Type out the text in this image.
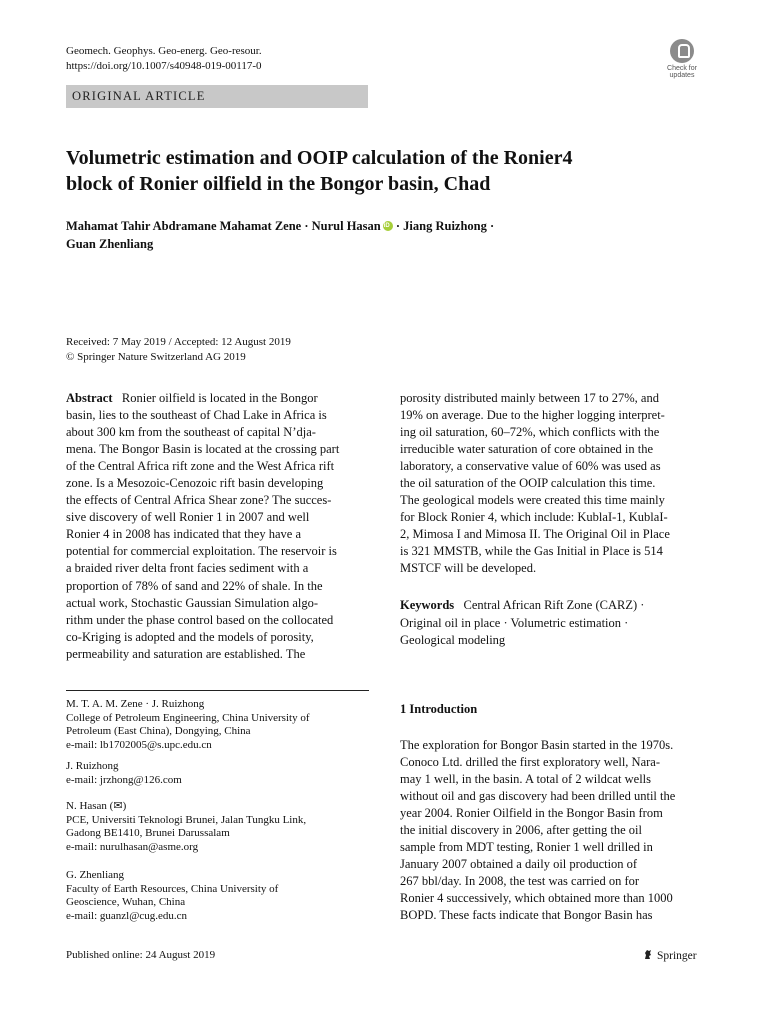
Geomech. Geophys. Geo-energ. Geo-resour.
https://doi.org/10.1007/s40948-019-00117-0	Check for
updates
ORIGINAL ARTICLE
Volumetric estimation and OOIP calculation of the Ronier4
block of Ronier oilfield in the Bongor basin, Chad
Mahamat Tahir Abdramane Mahamat Zene · Nurul HasaniD · Jiang Ruizhong ·
Guan Zhenliang
Received: 7 May 2019 / Accepted: 12 August 2019
© Springer Nature Switzerland AG 2019
Abstract Ronier oilfield is located in the Bongor
basin, lies to the southeast of Chad Lake in Africa is
about 300 km from the southeast of capital N’dja-
mena. The Bongor Basin is located at the crossing part
of the Central Africa rift zone and the West Africa rift
zone. Is a Mesozoic-Cenozoic rift basin developing
the effects of Central Africa Shear zone? The succes-
sive discovery of well Ronier 1 in 2007 and well
Ronier 4 in 2008 has indicated that they have a
potential for commercial exploitation. The reservoir is
a braided river delta front facies sediment with a
proportion of 78% of sand and 22% of shale. In the
actual work, Stochastic Gaussian Simulation algo-
rithm under the phase control based on the collocated
co-Kriging is adopted and the models of porosity,
permeability and saturation are established. The
porosity distributed mainly between 17 to 27%, and
19% on average. Due to the higher logging interpret-
ing oil saturation, 60–72%, which conflicts with the
irreducible water saturation of core obtained in the
laboratory, a conservative value of 60% was used as
the oil saturation of the OOIP calculation this time.
The geological models were created this time mainly
for Block Ronier 4, which include: KublaI-1, KublaI-
2, Mimosa I and Mimosa II. The Original Oil in Place
is 321 MMSTB, while the Gas Initial in Place is 514
MSTCF will be developed.
Keywords Central African Rift Zone (CARZ) ·
Original oil in place · Volumetric estimation ·
Geological modeling
M. T. A. M. Zene · J. Ruizhong
College of Petroleum Engineering, China University of
Petroleum (East China), Dongying, China
e-mail: lb1702005@s.upc.edu.cn
J. Ruizhong
e-mail: jrzhong@126.com
N. Hasan (✉)
PCE, Universiti Teknologi Brunei, Jalan Tungku Link,
Gadong BE1410, Brunei Darussalam
e-mail: nurulhasan@asme.org
G. Zhenliang
Faculty of Earth Resources, China University of
Geoscience, Wuhan, China
e-mail: guanzl@cug.edu.cn
1 Introduction
The exploration for Bongor Basin started in the 1970s.
Conoco Ltd. drilled the first exploratory well, Nara-
may 1 well, in the basin. A total of 2 wildcat wells
without oil and gas discovery had been drilled until the
year 2004. Ronier Oilfield in the Bongor Basin from
the initial discovery in 2006, after getting the oil
sample from MDT testing, Ronier 1 well drilled in
January 2007 obtained a daily oil production of
267 bbl/day. In 2008, the test was carried on for
Ronier 4 successively, which obtained more than 1000
BOPD. These facts indicate that Bongor Basin has
Published online: 24 August 2019	Springer
